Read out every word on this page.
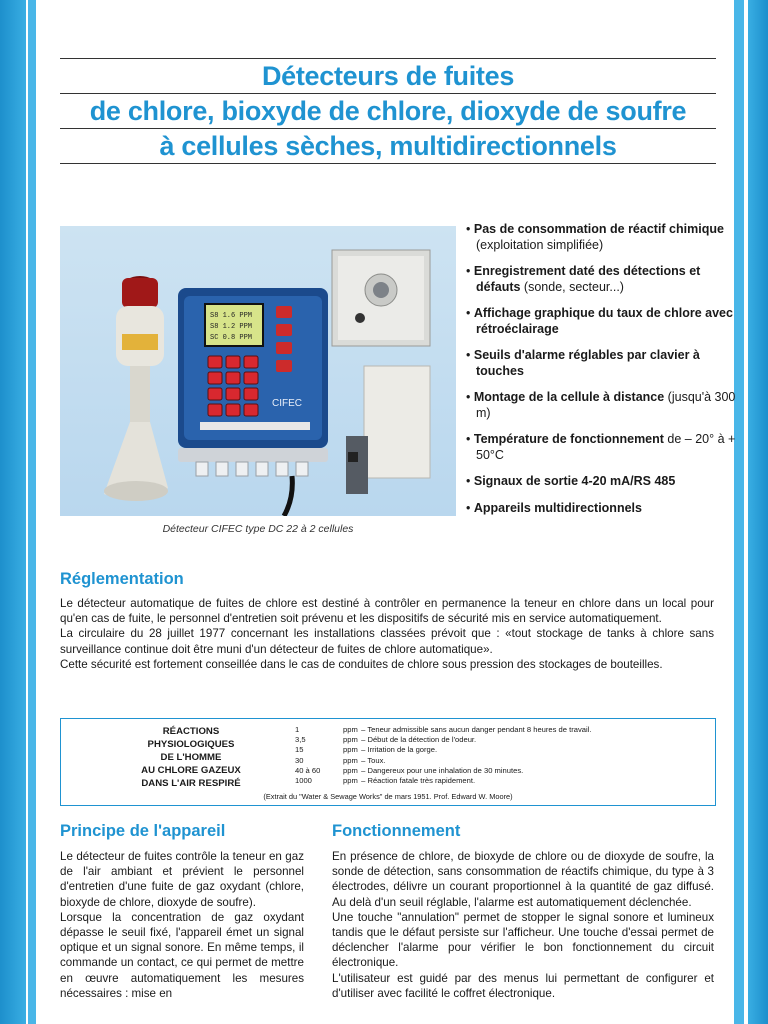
Détecteurs de fuites
de chlore, bioxyde de chlore, dioxyde de soufre
à cellules sèches, multidirectionnels
S8 1.6 PPM
S8 1.2 PPM
SC 0.8 PPM
CIFEC
Détecteur CIFEC type DC 22 à 2 cellules
• Pas de consommation de réactif chimique (exploitation simplifiée)
• Enregistrement daté des détections et défauts (sonde, secteur...)
• Affichage graphique du taux de chlore avec rétroéclairage
• Seuils d'alarme réglables par clavier à touches
• Montage de la cellule à distance (jusqu'à 300 m)
• Température de fonctionnement de – 20° à + 50°C
• Signaux de sortie 4-20 mA/RS 485
• Appareils multidirectionnels
Réglementation

Le détecteur automatique de fuites de chlore est destiné à contrôler en permanence la teneur en chlore dans un local pour qu'en cas de fuite, le personnel d'entretien soit prévenu et les dispositifs de sécurité mis en service automatiquement.
La circulaire du 28 juillet 1977 concernant les installations classées prévoit que : «tout stockage de tanks à chlore sans surveillance continue doit être muni d'un détecteur de fuites de chlore automatique».
Cette sécurité est fortement conseillée dans le cas de conduites de chlore sous pression des stockages de bouteilles.

RÉACTIONS
PHYSIOLOGIQUES
DE L'HOMME
AU CHLORE GAZEUX
DANS L'AIR RESPIRÉ
1	ppm
– Teneur admissible sans aucun danger pendant 8 heures de travail.
3,5	ppm
– Début de la détection de l'odeur.
15	ppm
– Irritation de la gorge.
30	ppm
– Toux.
40 à 60	ppm
– Dangereux pour une inhalation de 30 minutes.
1000	ppm
– Réaction fatale très rapidement.
(Extrait du "Water & Sewage Works" de mars 1951. Prof. Edward W. Moore)
Principe de l'appareil

Le détecteur de fuites contrôle la teneur en gaz de l'air ambiant et prévient le personnel d'entretien d'une fuite de gaz oxydant (chlore, bioxyde de chlore, dioxyde de soufre).
Lorsque la concentration de gaz oxydant dépasse le seuil fixé, l'appareil émet un signal optique et un signal sonore. En même temps, il commande un contact, ce qui permet de mettre en œuvre automatiquement les mesures nécessaires : mise en

Fonctionnement

En présence de chlore, de bioxyde de chlore ou de dioxyde de soufre, la sonde de détection, sans consommation de réactifs chimique, du type à 3 électrodes, délivre un courant proportionnel à la quantité de gaz diffusé. Au delà d'un seuil réglable, l'alarme est automatiquement déclenchée.
Une touche "annulation" permet de stopper le signal sonore et lumineux tandis que le défaut persiste sur l'afficheur. Une touche d'essai permet de déclencher l'alarme pour vérifier le bon fonctionnement du circuit électronique.
L'utilisateur est guidé par des menus lui permettant de configurer et d'utiliser avec facilité le coffret électronique.
